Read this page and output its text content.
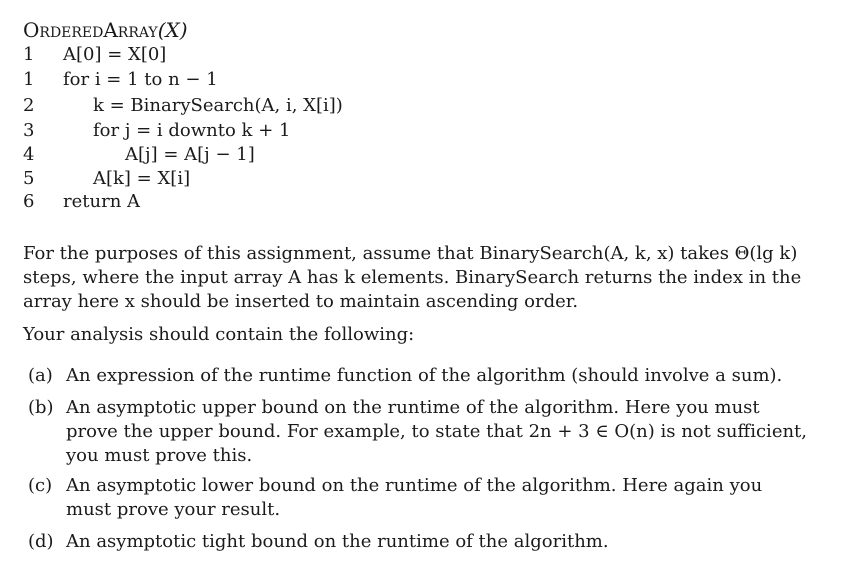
OrderedArray(X)
1	A[0] = X[0]
1	for i = 1 to n − 1
2	k = BinarySearch(A, i, X[i])
3	for j = i downto k + 1
4	A[j] = A[j − 1]
5	A[k] = X[i]
6	return A
For the purposes of this assignment, assume that BinarySearch(A, k, x) takes Θ(lg k) steps, where the input array A has k elements. BinarySearch returns the index in the array here x should be inserted to maintain ascending order.
Your analysis should contain the following:
(a) An expression of the runtime function of the algorithm (should involve a sum).
(b) An asymptotic upper bound on the runtime of the algorithm. Here you must prove the upper bound. For example, to state that 2n + 3 ∈ O(n) is not sufficient, you must prove this.
(c) An asymptotic lower bound on the runtime of the algorithm. Here again you must prove your result.
(d) An asymptotic tight bound on the runtime of the algorithm.
